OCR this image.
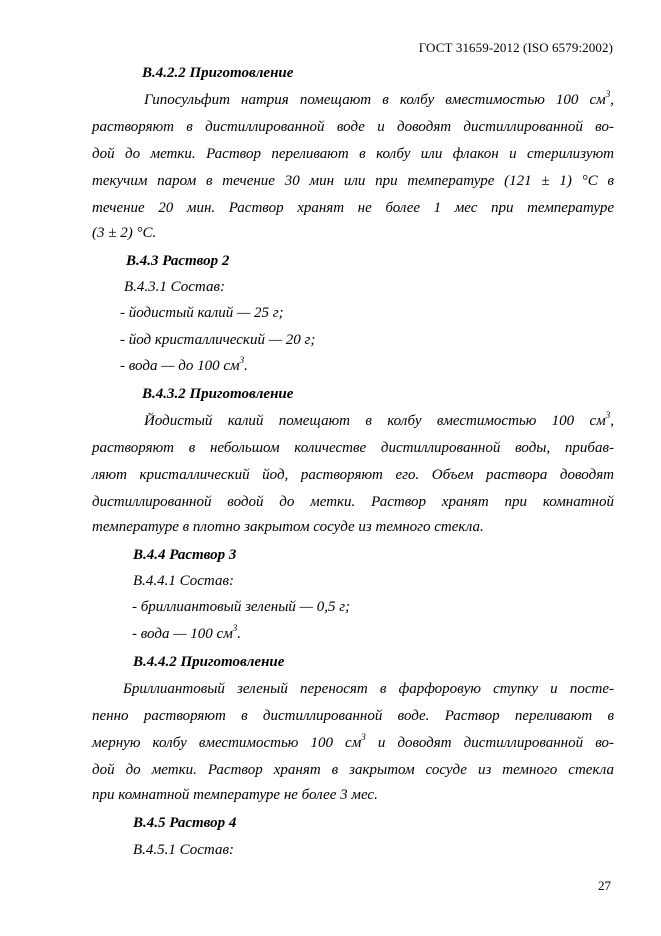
ГОСТ 31659-2012 (ISO 6579:2002)
В.4.2.2 Приготовление
Гипосульфит натрия помещают в колбу вместимостью 100 $см^3$,
растворяют в дистиллированной воде и доводят дистиллированной во-
дой до метки. Раствор переливают в колбу или флакон и стерилизуют
текучим паром в течение 30 мин или при температуре (121 ± 1) °С в
течение 20 мин. Раствор хранят не более 1 мес при температуре
(3 ± 2) °С.
В.4.3 Раствор 2
В.4.3.1 Состав:
- йодистый калий — 25 г;
- йод кристаллический — 20 г;
- вода — до 100 $см^3$.
В.4.3.2 Приготовление
Йодистый калий помещают в колбу вместимостью 100 $см^3$,
растворяют в небольшом количестве дистиллированной воды, прибав-
ляют кристаллический йод, растворяют его. Объем раствора доводят
дистиллированной водой до метки. Раствор хранят при комнатной
температуре в плотно закрытом сосуде из темного стекла.
В.4.4 Раствор 3
В.4.4.1 Состав:
- бриллиантовый зеленый — 0,5 г;
- вода — 100 $см^3$.
В.4.4.2 Приготовление
Бриллиантовый зеленый переносят в фарфоровую ступку и посте-
пенно растворяют в дистиллированной воде. Раствор переливают в
мерную колбу вместимостью 100 $см^3$ и доводят дистиллированной во-
дой до метки. Раствор хранят в закрытом сосуде из темного стекла
при комнатной температуре не более 3 мес.
В.4.5 Раствор 4
В.4.5.1 Состав:
27
